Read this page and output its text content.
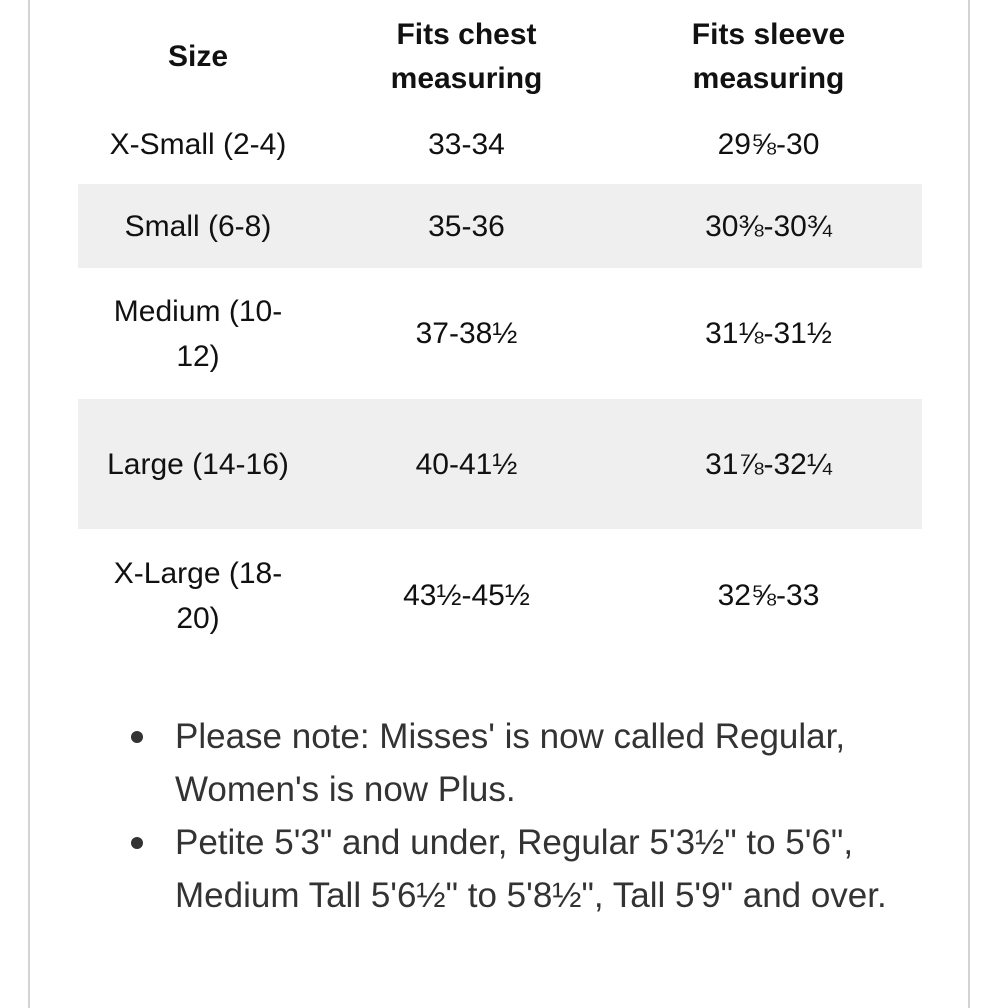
Size	Fits chest measuring	Fits sleeve measuring
X-Small (2-4)	33-34	29⅝-30
Small (6-8)	35-36	30⅜-30¾
Medium (10-12)	37-38½	31⅛-31½
Large (14-16)	40-41½	31⅞-32¼
X-Large (18-20)	43½-45½	32⅝-33
Please note: Misses' is now called Regular, Women's is now Plus.
Petite 5'3" and under, Regular 5'3½" to 5'6", Medium Tall 5'6½" to 5'8½", Tall 5'9" and over.
